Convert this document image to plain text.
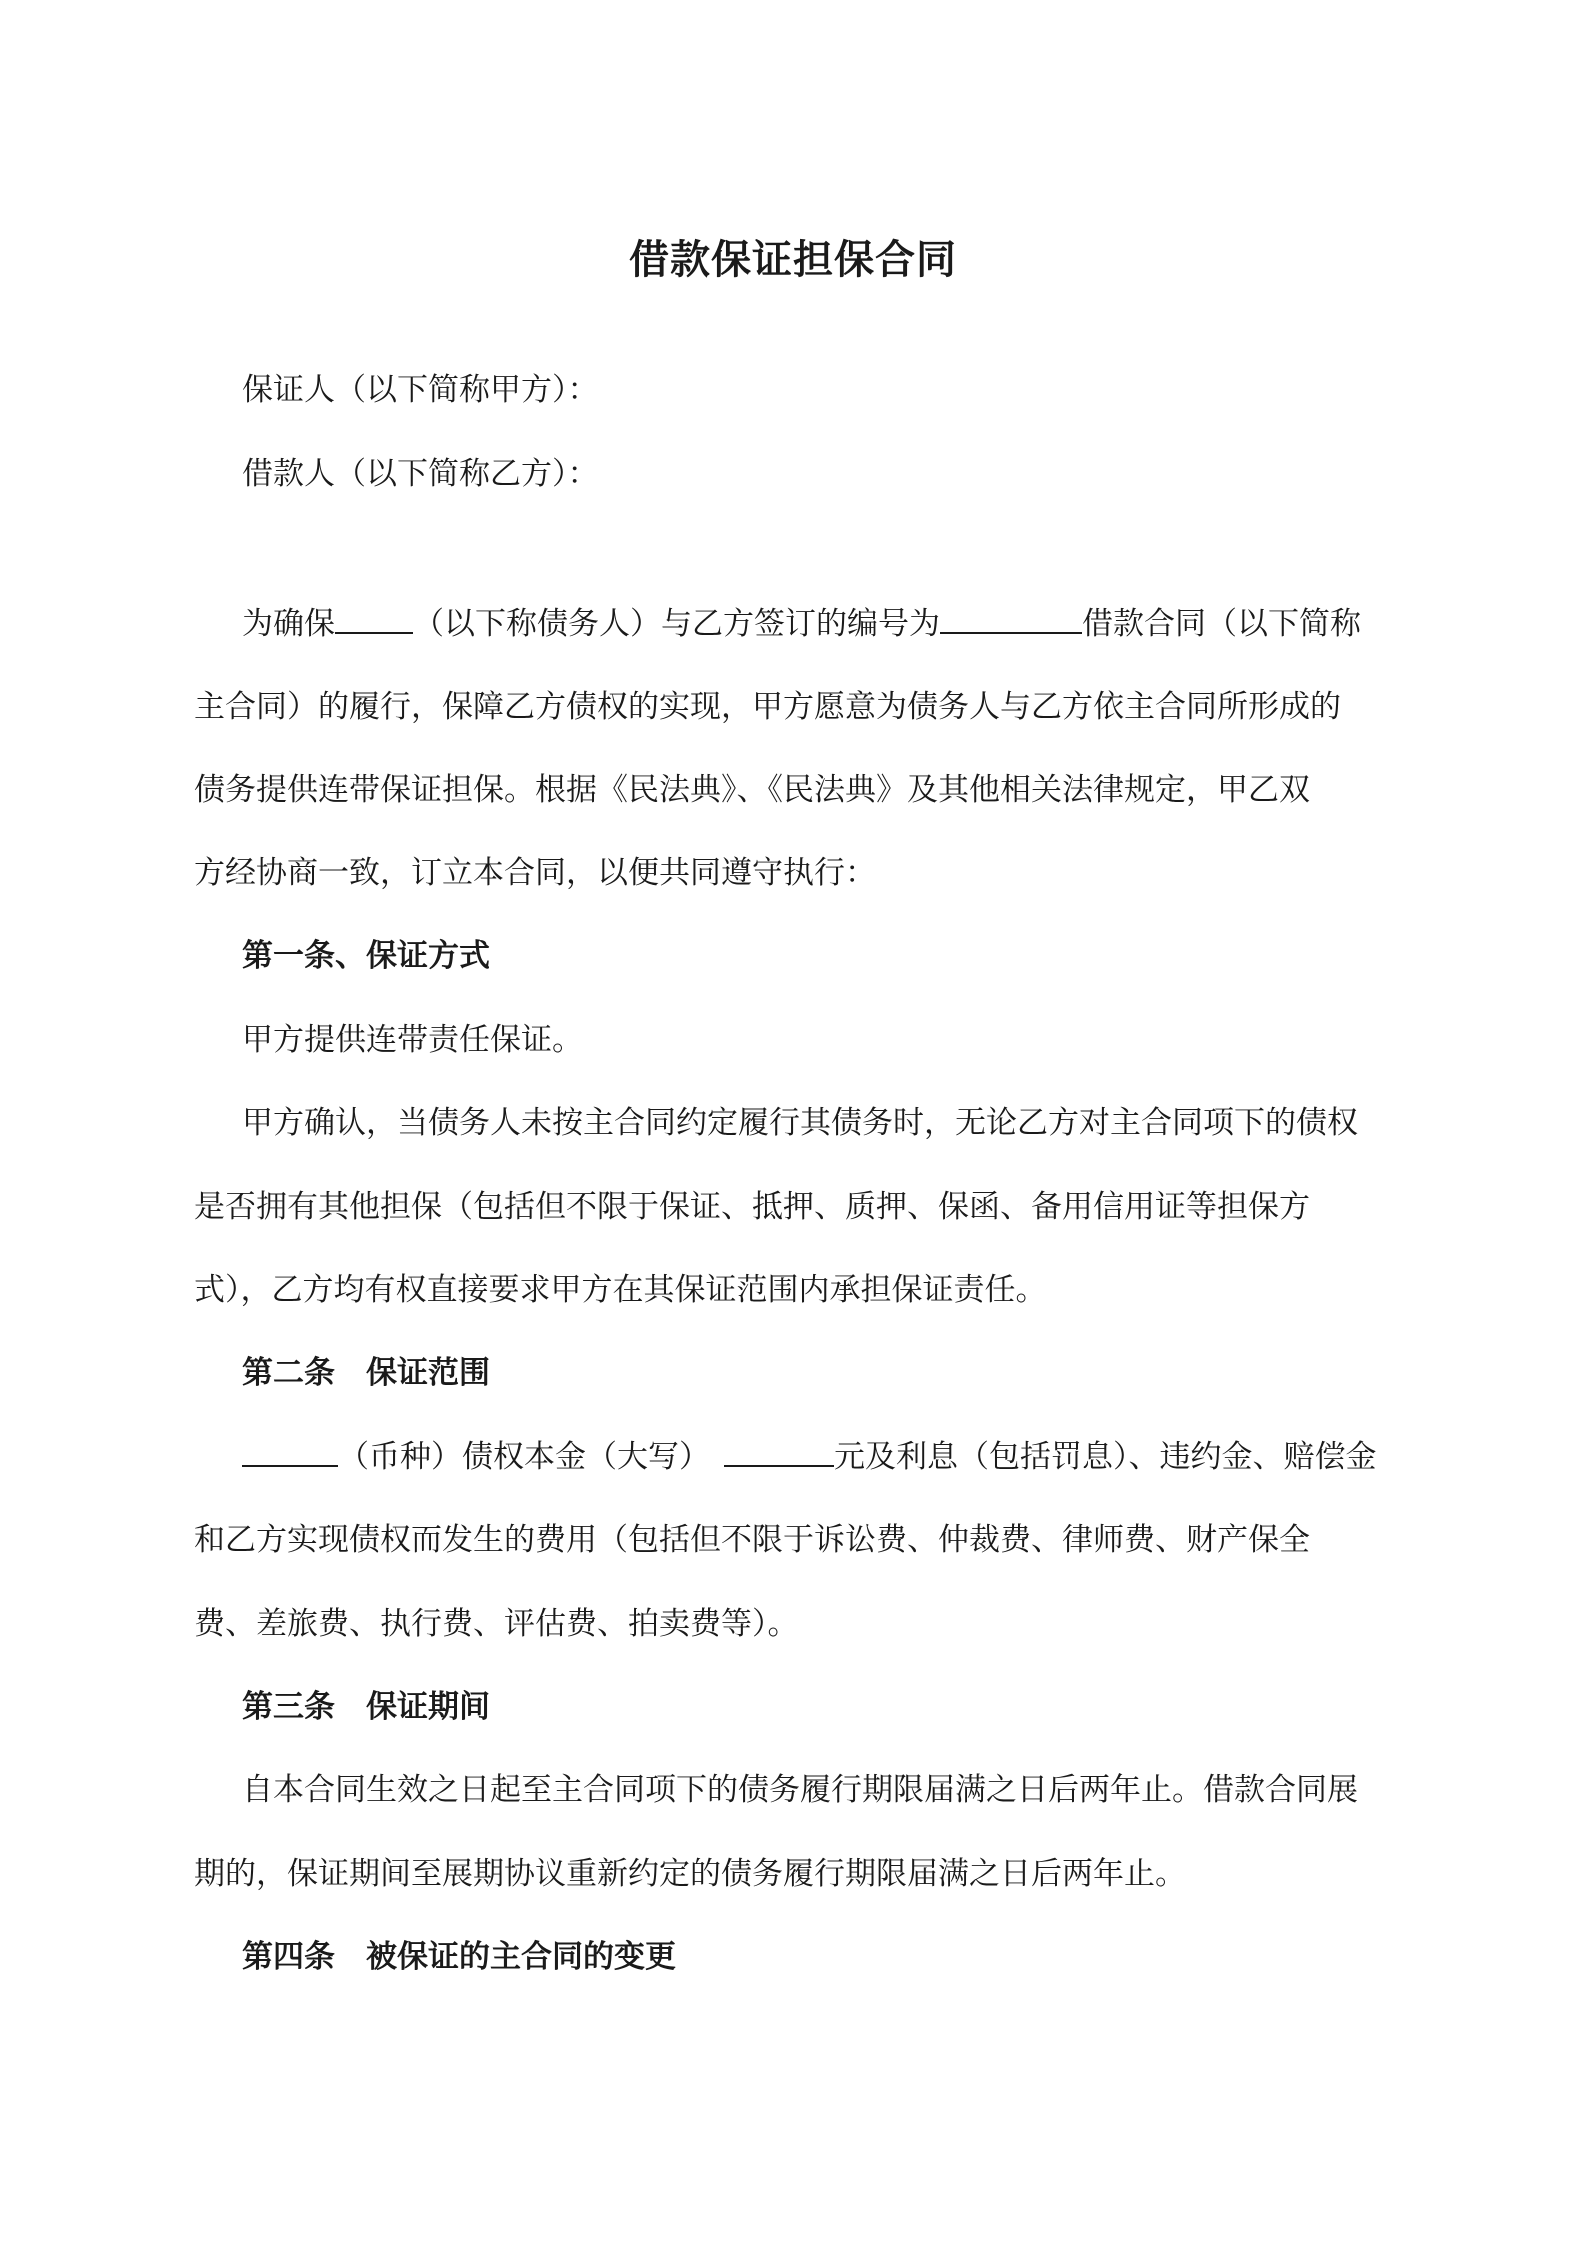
借款保证担保合同
保证人（以下简称甲方）：
借款人（以下简称乙方）：
为确保	（以下称债务人）与乙方签订的编号为	借款合同（以下简称
主合同）的履行，保障乙方债权的实现，甲方愿意为债务人与乙方依主合同所形成的
债务提供连带保证担保。根据《民法典》、《民法典》及其他相关法律规定，甲乙双
方经协商一致，订立本合同，以便共同遵守执行：
第一条、保证方式
甲方提供连带责任保证。
甲方确认，当债务人未按主合同约定履行其债务时，无论乙方对主合同项下的债权
是否拥有其他担保（包括但不限于保证、抵押、质押、保函、备用信用证等担保方
式），乙方均有权直接要求甲方在其保证范围内承担保证责任。
第二条　保证范围
（币种）债权本金（大写）	元及利息（包括罚息）、违约金、赔偿金
和乙方实现债权而发生的费用（包括但不限于诉讼费、仲裁费、律师费、财产保全
费、差旅费、执行费、评估费、拍卖费等）。
第三条　保证期间
自本合同生效之日起至主合同项下的债务履行期限届满之日后两年止。借款合同展
期的，保证期间至展期协议重新约定的债务履行期限届满之日后两年止。
第四条　被保证的主合同的变更
